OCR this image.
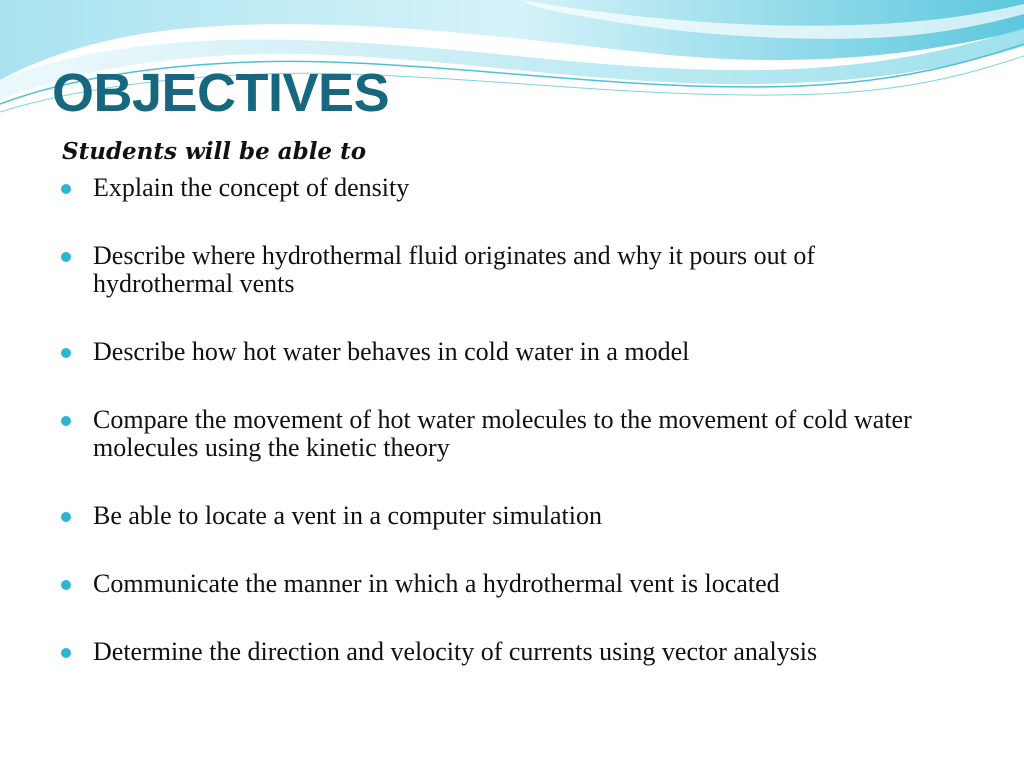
OBJECTIVES
Students will be able to
Explain the concept of density
Describe where hydrothermal fluid originates and why it pours out of hydrothermal vents
Describe how hot water behaves in cold water in a model
Compare the movement of hot water molecules to the movement of cold water molecules using the kinetic theory
Be able to locate a vent in a computer simulation
Communicate the manner in which a hydrothermal vent is located
Determine the direction and velocity of currents using vector analysis
